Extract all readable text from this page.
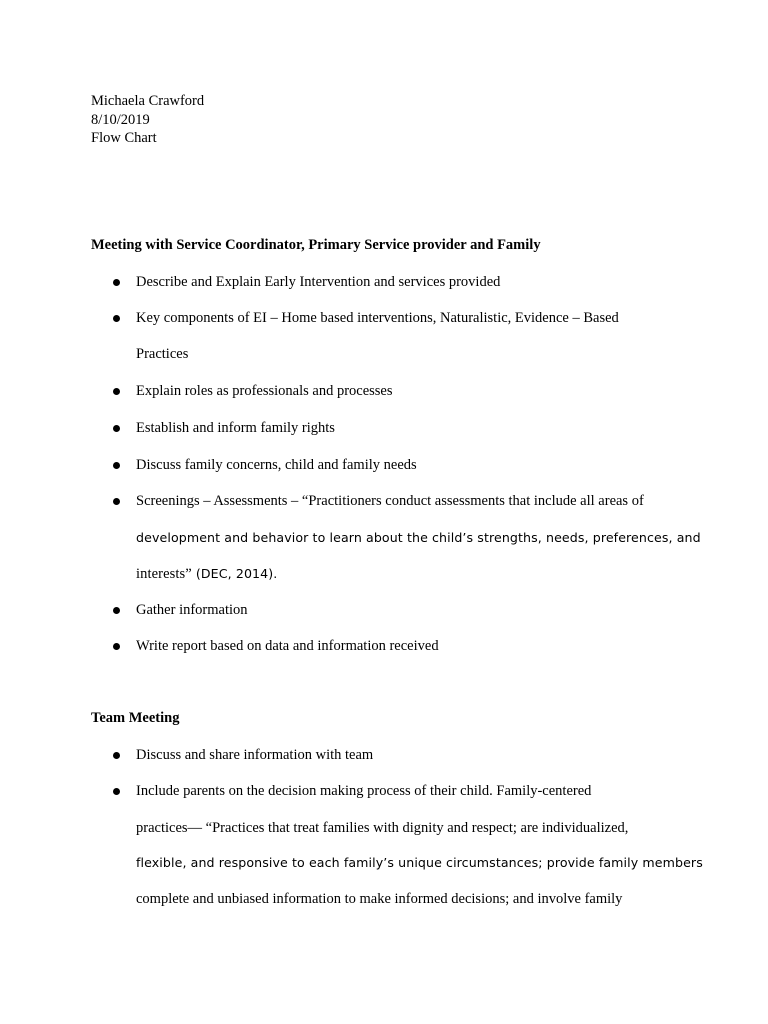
Michaela Crawford
8/10/2019
Flow Chart
Meeting with Service Coordinator, Primary Service provider and Family
Describe and Explain Early Intervention and services provided
Key components of EI – Home based interventions, Naturalistic, Evidence – Based
Practices
Explain roles as professionals and processes
Establish and inform family rights
Discuss family concerns, child and family needs
Screenings – Assessments – “Practitioners conduct assessments that include all areas of
development and behavior to learn about the child’s strengths, needs, preferences, and
interests” (DEC, 2014).
Gather information
Write report based on data and information received
Team Meeting
Discuss and share information with team
Include parents on the decision making process of their child. Family-centered
practices— “Practices that treat families with dignity and respect; are individualized,
flexible, and responsive to each family’s unique circumstances; provide family members
complete and unbiased information to make informed decisions; and involve family
